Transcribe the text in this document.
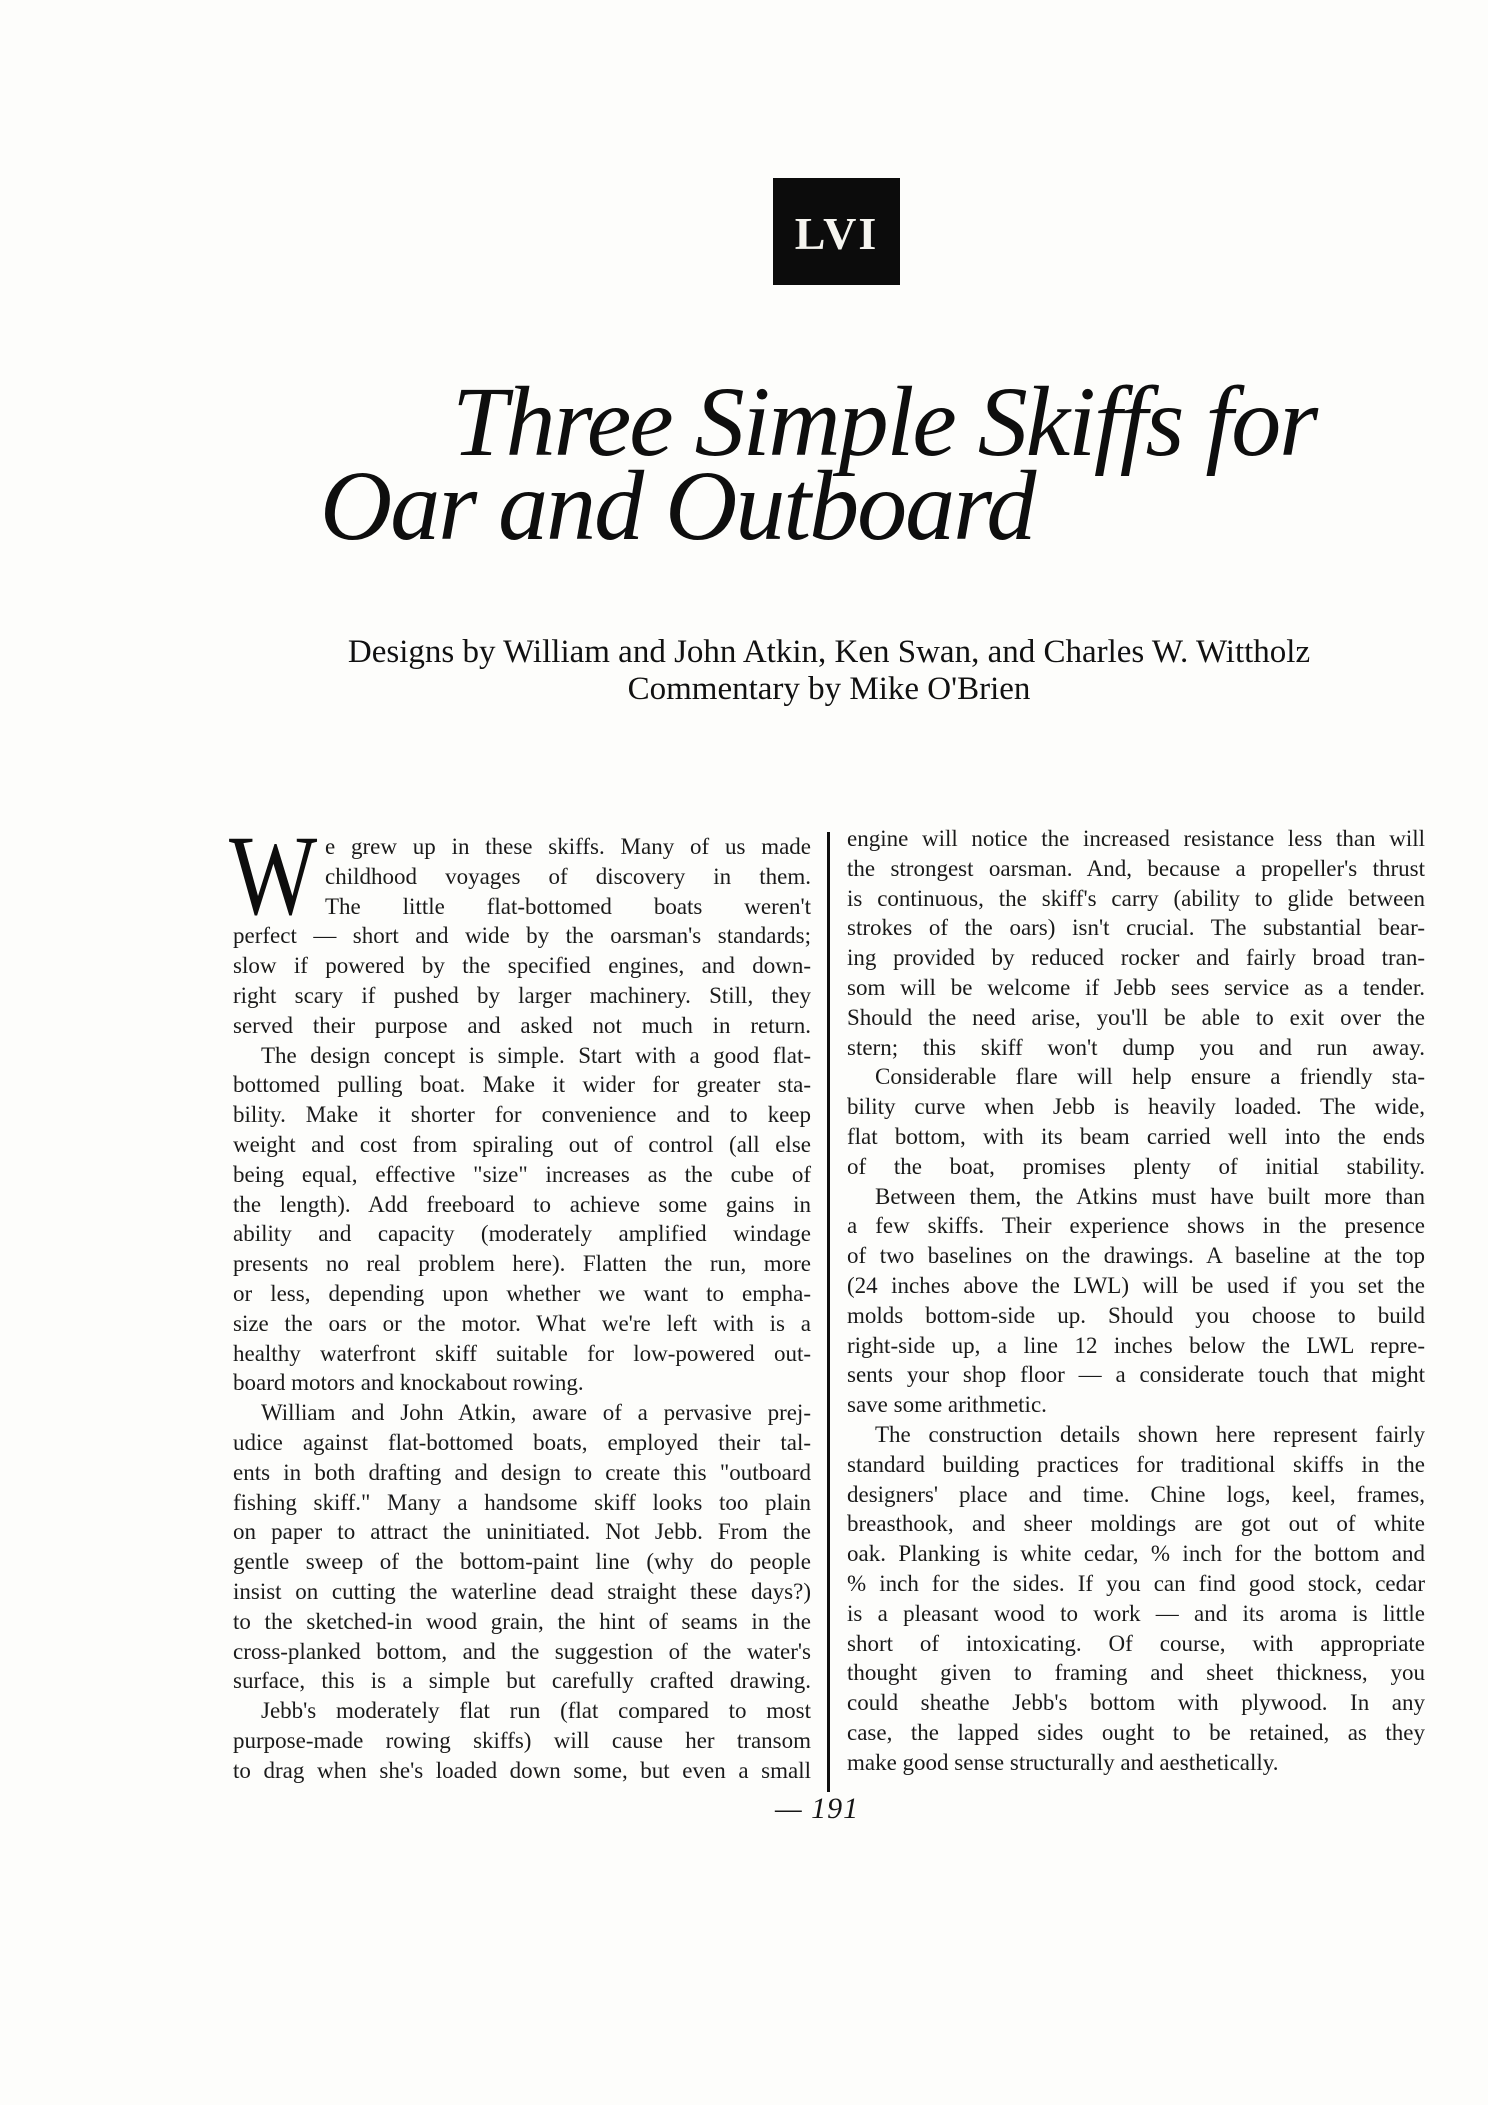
LVI
Three Simple Skiffs for
Oar and Outboard
Designs by William and John Atkin, Ken Swan, and Charles W. Wittholz
Commentary by Mike O'Brien
W e grew up in these skiffs. Many of us made
childhood voyages of discovery in them.
The little flat-bottomed boats weren't
perfect — short and wide by the oarsman's standards;
slow if powered by the specified engines, and down-
right scary if pushed by larger machinery. Still, they
served their purpose and asked not much in return.
The design concept is simple. Start with a good flat-
bottomed pulling boat. Make it wider for greater sta-
bility. Make it shorter for convenience and to keep
weight and cost from spiraling out of control (all else
being equal, effective "size" increases as the cube of
the length). Add freeboard to achieve some gains in
ability and capacity (moderately amplified windage
presents no real problem here). Flatten the run, more
or less, depending upon whether we want to empha-
size the oars or the motor. What we're left with is a
healthy waterfront skiff suitable for low-powered out-
board motors and knockabout rowing.
William and John Atkin, aware of a pervasive prej-
udice against flat-bottomed boats, employed their tal-
ents in both drafting and design to create this "outboard
fishing skiff." Many a handsome skiff looks too plain
on paper to attract the uninitiated. Not Jebb. From the
gentle sweep of the bottom-paint line (why do people
insist on cutting the waterline dead straight these days?)
to the sketched-in wood grain, the hint of seams in the
cross-planked bottom, and the suggestion of the water's
surface, this is a simple but carefully crafted drawing.
Jebb's moderately flat run (flat compared to most
purpose-made rowing skiffs) will cause her transom
to drag when she's loaded down some, but even a small
engine will notice the increased resistance less than will
the strongest oarsman. And, because a propeller's thrust
is continuous, the skiff's carry (ability to glide between
strokes of the oars) isn't crucial. The substantial bear-
ing provided by reduced rocker and fairly broad tran-
som will be welcome if Jebb sees service as a tender.
Should the need arise, you'll be able to exit over the
stern; this skiff won't dump you and run away.
Considerable flare will help ensure a friendly sta-
bility curve when Jebb is heavily loaded. The wide,
flat bottom, with its beam carried well into the ends
of the boat, promises plenty of initial stability.
Between them, the Atkins must have built more than
a few skiffs. Their experience shows in the presence
of two baselines on the drawings. A baseline at the top
(24 inches above the LWL) will be used if you set the
molds bottom-side up. Should you choose to build
right-side up, a line 12 inches below the LWL repre-
sents your shop floor — a considerate touch that might
save some arithmetic.
The construction details shown here represent fairly
standard building practices for traditional skiffs in the
designers' place and time. Chine logs, keel, frames,
breasthook, and sheer moldings are got out of white
oak. Planking is white cedar, % inch for the bottom and
% inch for the sides. If you can find good stock, cedar
is a pleasant wood to work — and its aroma is little
short of intoxicating. Of course, with appropriate
thought given to framing and sheet thickness, you
could sheathe Jebb's bottom with plywood. In any
case, the lapped sides ought to be retained, as they
make good sense structurally and aesthetically.
— 191
